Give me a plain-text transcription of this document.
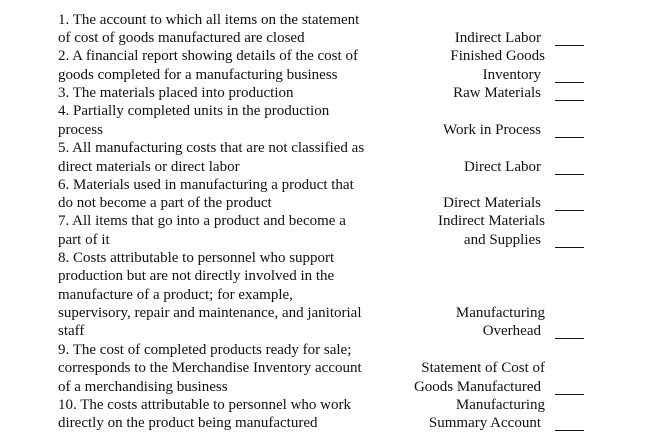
1. The account to which all items on the statement
of cost of goods manufactured are closed
2. A financial report showing details of the cost of
goods completed for a manufacturing business
3. The materials placed into production
4. Partially completed units in the production
process
5. All manufacturing costs that are not classified as
direct materials or direct labor
6. Materials used in manufacturing a product that
do not become a part of the product
7. All items that go into a product and become a
part of it
8. Costs attributable to personnel who support
production but are not directly involved in the
manufacture of a product; for example,
supervisory, repair and maintenance, and janitorial
staff
9. The cost of completed products ready for sale;
corresponds to the Merchandise Inventory account
of a merchandising business
10. The costs attributable to personnel who work
directly on the product being manufactured
Indirect Labor
Finished Goods
Inventory
Raw Materials
Work in Process
Direct Labor
Direct Materials
Indirect Materials
and Supplies
Manufacturing
Overhead
Statement of Cost of
Goods Manufactured
Manufacturing
Summary Account
